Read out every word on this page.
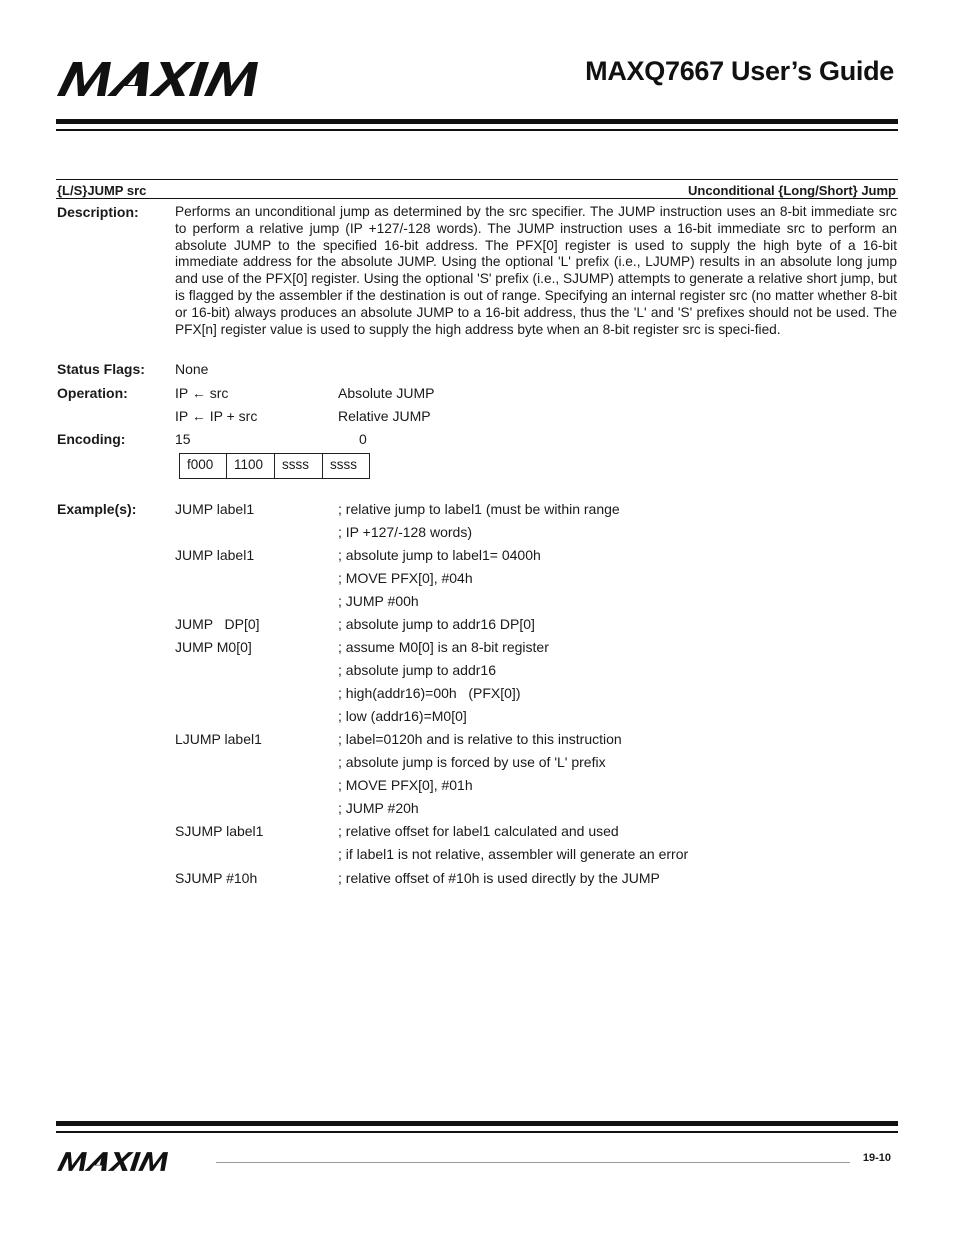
MAXQ7667 User’s Guide
{L/S}JUMP src	Unconditional {Long/Short} Jump
Description:	Performs an unconditional jump as determined by the src specifier. The JUMP instruction uses an 8-bit immediate src to perform a relative jump (IP +127/-128 words). The JUMP instruction uses a 16-bit immediate src to perform an absolute JUMP to the specified 16-bit address. The PFX[0] register is used to supply the high byte of a 16-bit immediate address for the absolute JUMP. Using the optional 'L' prefix (i.e., LJUMP) results in an absolute long jump and use of the PFX[0] register. Using the optional 'S' prefix (i.e., SJUMP) attempts to generate a relative short jump, but is flagged by the assembler if the destination is out of range. Specifying an internal register src (no matter whether 8-bit or 16-bit) always produces an absolute JUMP to a 16-bit address, thus the 'L' and 'S' prefixes should not be used. The PFX[n] register value is used to supply the high address byte when an 8-bit register src is speci-fied.
Status Flags: None
Operation:	IP ← src	Absolute JUMP
IP ← IP + src	Relative JUMP
Encoding:	15	0
f000	1100	ssss	ssss
Example(s):	JUMP label1	; relative jump to label1 (must be within range
; IP +127/-128 words)
JUMP label1	; absolute jump to label1= 0400h
; MOVE PFX[0], #04h
; JUMP #00h
JUMP   DP[0]	; absolute jump to addr16 DP[0]
JUMP M0[0]	; assume M0[0] is an 8-bit register
; absolute jump to addr16
; high(addr16)=00h   (PFX[0])
; low (addr16)=M0[0]
LJUMP label1	; label=0120h and is relative to this instruction
; absolute jump is forced by use of 'L' prefix
; MOVE PFX[0], #01h
; JUMP #20h
SJUMP label1	; relative offset for label1 calculated and used
; if label1 is not relative, assembler will generate an error
SJUMP #10h	; relative offset of #10h is used directly by the JUMP
19-10
